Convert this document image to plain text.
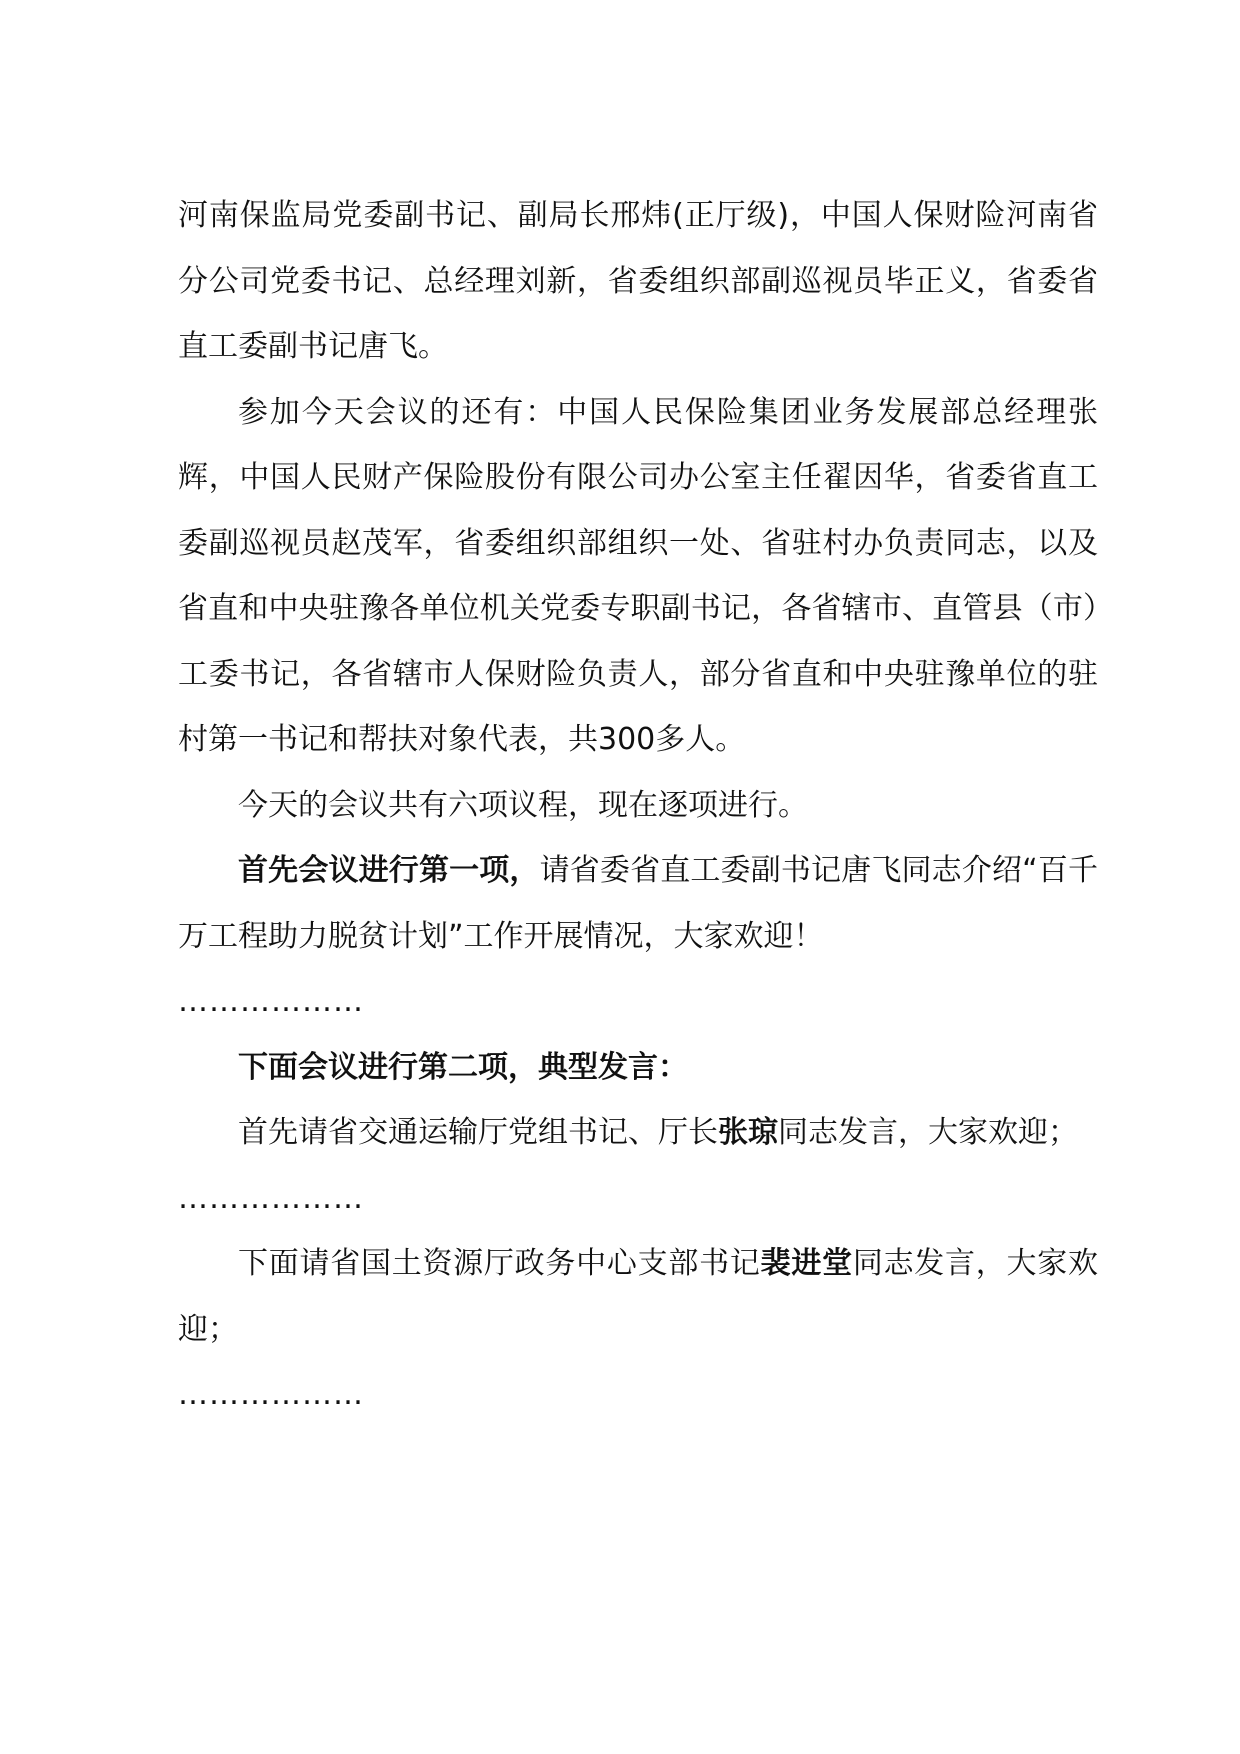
河南保监局党委副书记、副局长邢炜(正厅级)，中国人保财险河南省分公司党委书记、总经理刘新，省委组织部副巡视员毕正义，省委省直工委副书记唐飞。

参加今天会议的还有：中国人民保险集团业务发展部总经理张辉，中国人民财产保险股份有限公司办公室主任翟因华，省委省直工委副巡视员赵茂军，省委组织部组织一处、省驻村办负责同志，以及省直和中央驻豫各单位机关党委专职副书记，各省辖市、直管县（市）工委书记，各省辖市人保财险负责人，部分省直和中央驻豫单位的驻村第一书记和帮扶对象代表，共300多人。

今天的会议共有六项议程，现在逐项进行。

首先会议进行第一项，请省委省直工委副书记唐飞同志介绍“百千万工程助力脱贫计划”工作开展情况，大家欢迎！

………………

下面会议进行第二项，典型发言：

首先请省交通运输厅党组书记、厅长张琼同志发言，大家欢迎；

………………

下面请省国土资源厅政务中心支部书记裴进堂同志发言，大家欢迎；

………………
